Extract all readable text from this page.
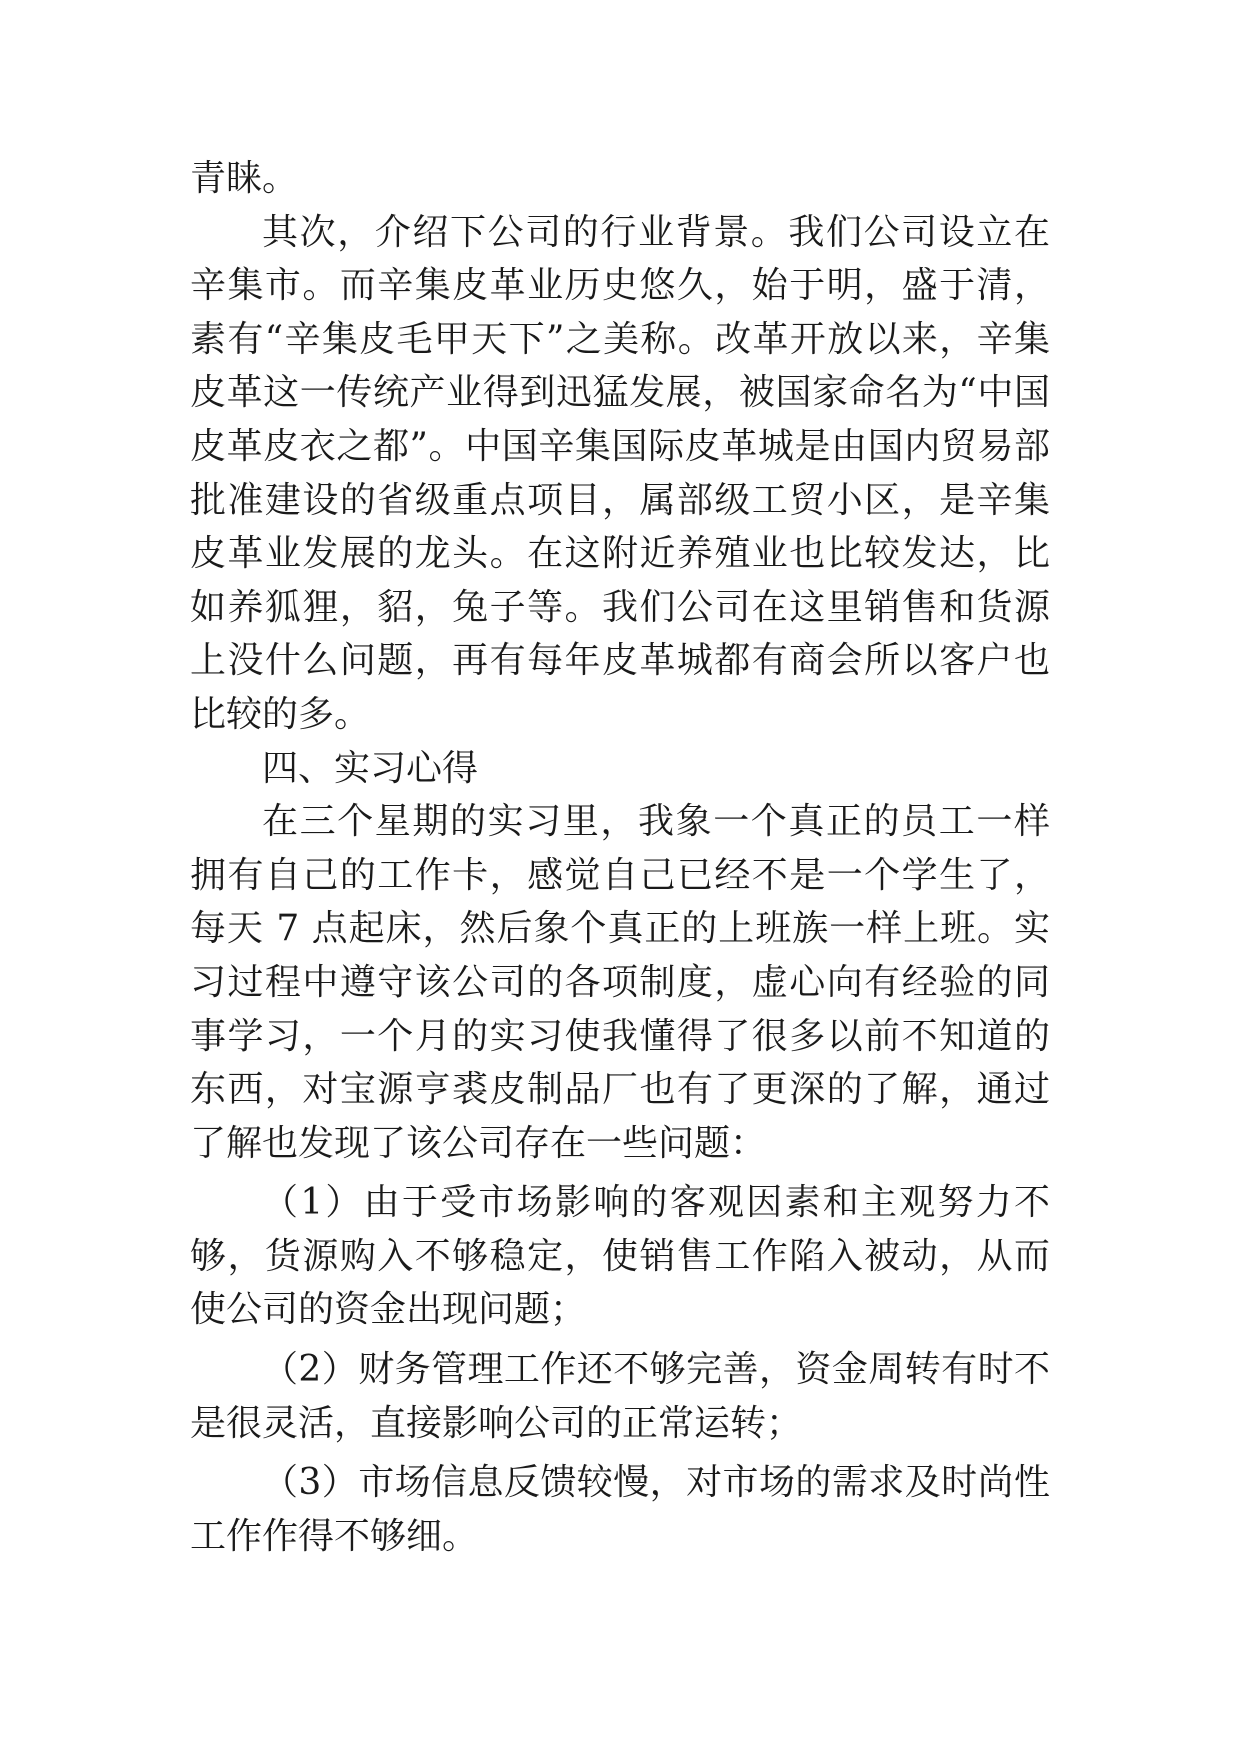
青睐。

其次，介绍下公司的行业背景。我们公司设立在辛集市。而辛集皮革业历史悠久，始于明，盛于清，素有“辛集皮毛甲天下”之美称。改革开放以来，辛集皮革这一传统产业得到迅猛发展，被国家命名为“中国皮革皮衣之都”。中国辛集国际皮革城是由国内贸易部批准建设的省级重点项目，属部级工贸小区，是辛集皮革业发展的龙头。在这附近养殖业也比较发达，比如养狐狸，貂，兔子等。我们公司在这里销售和货源上没什么问题，再有每年皮革城都有商会所以客户也比较的多。

四、实习心得

在三个星期的实习里，我象一个真正的员工一样拥有自己的工作卡，感觉自己已经不是一个学生了，每天 7 点起床，然后象个真正的上班族一样上班。实习过程中遵守该公司的各项制度，虚心向有经验的同事学习，一个月的实习使我懂得了很多以前不知道的东西，对宝源亨裘皮制品厂也有了更深的了解，通过了解也发现了该公司存在一些问题：

（1）由于受市场影响的客观因素和主观努力不够，货源购入不够稳定，使销售工作陷入被动，从而使公司的资金出现问题；

（2）财务管理工作还不够完善，资金周转有时不是很灵活，直接影响公司的正常运转；

（3）市场信息反馈较慢，对市场的需求及时尚性工作作得不够细。
